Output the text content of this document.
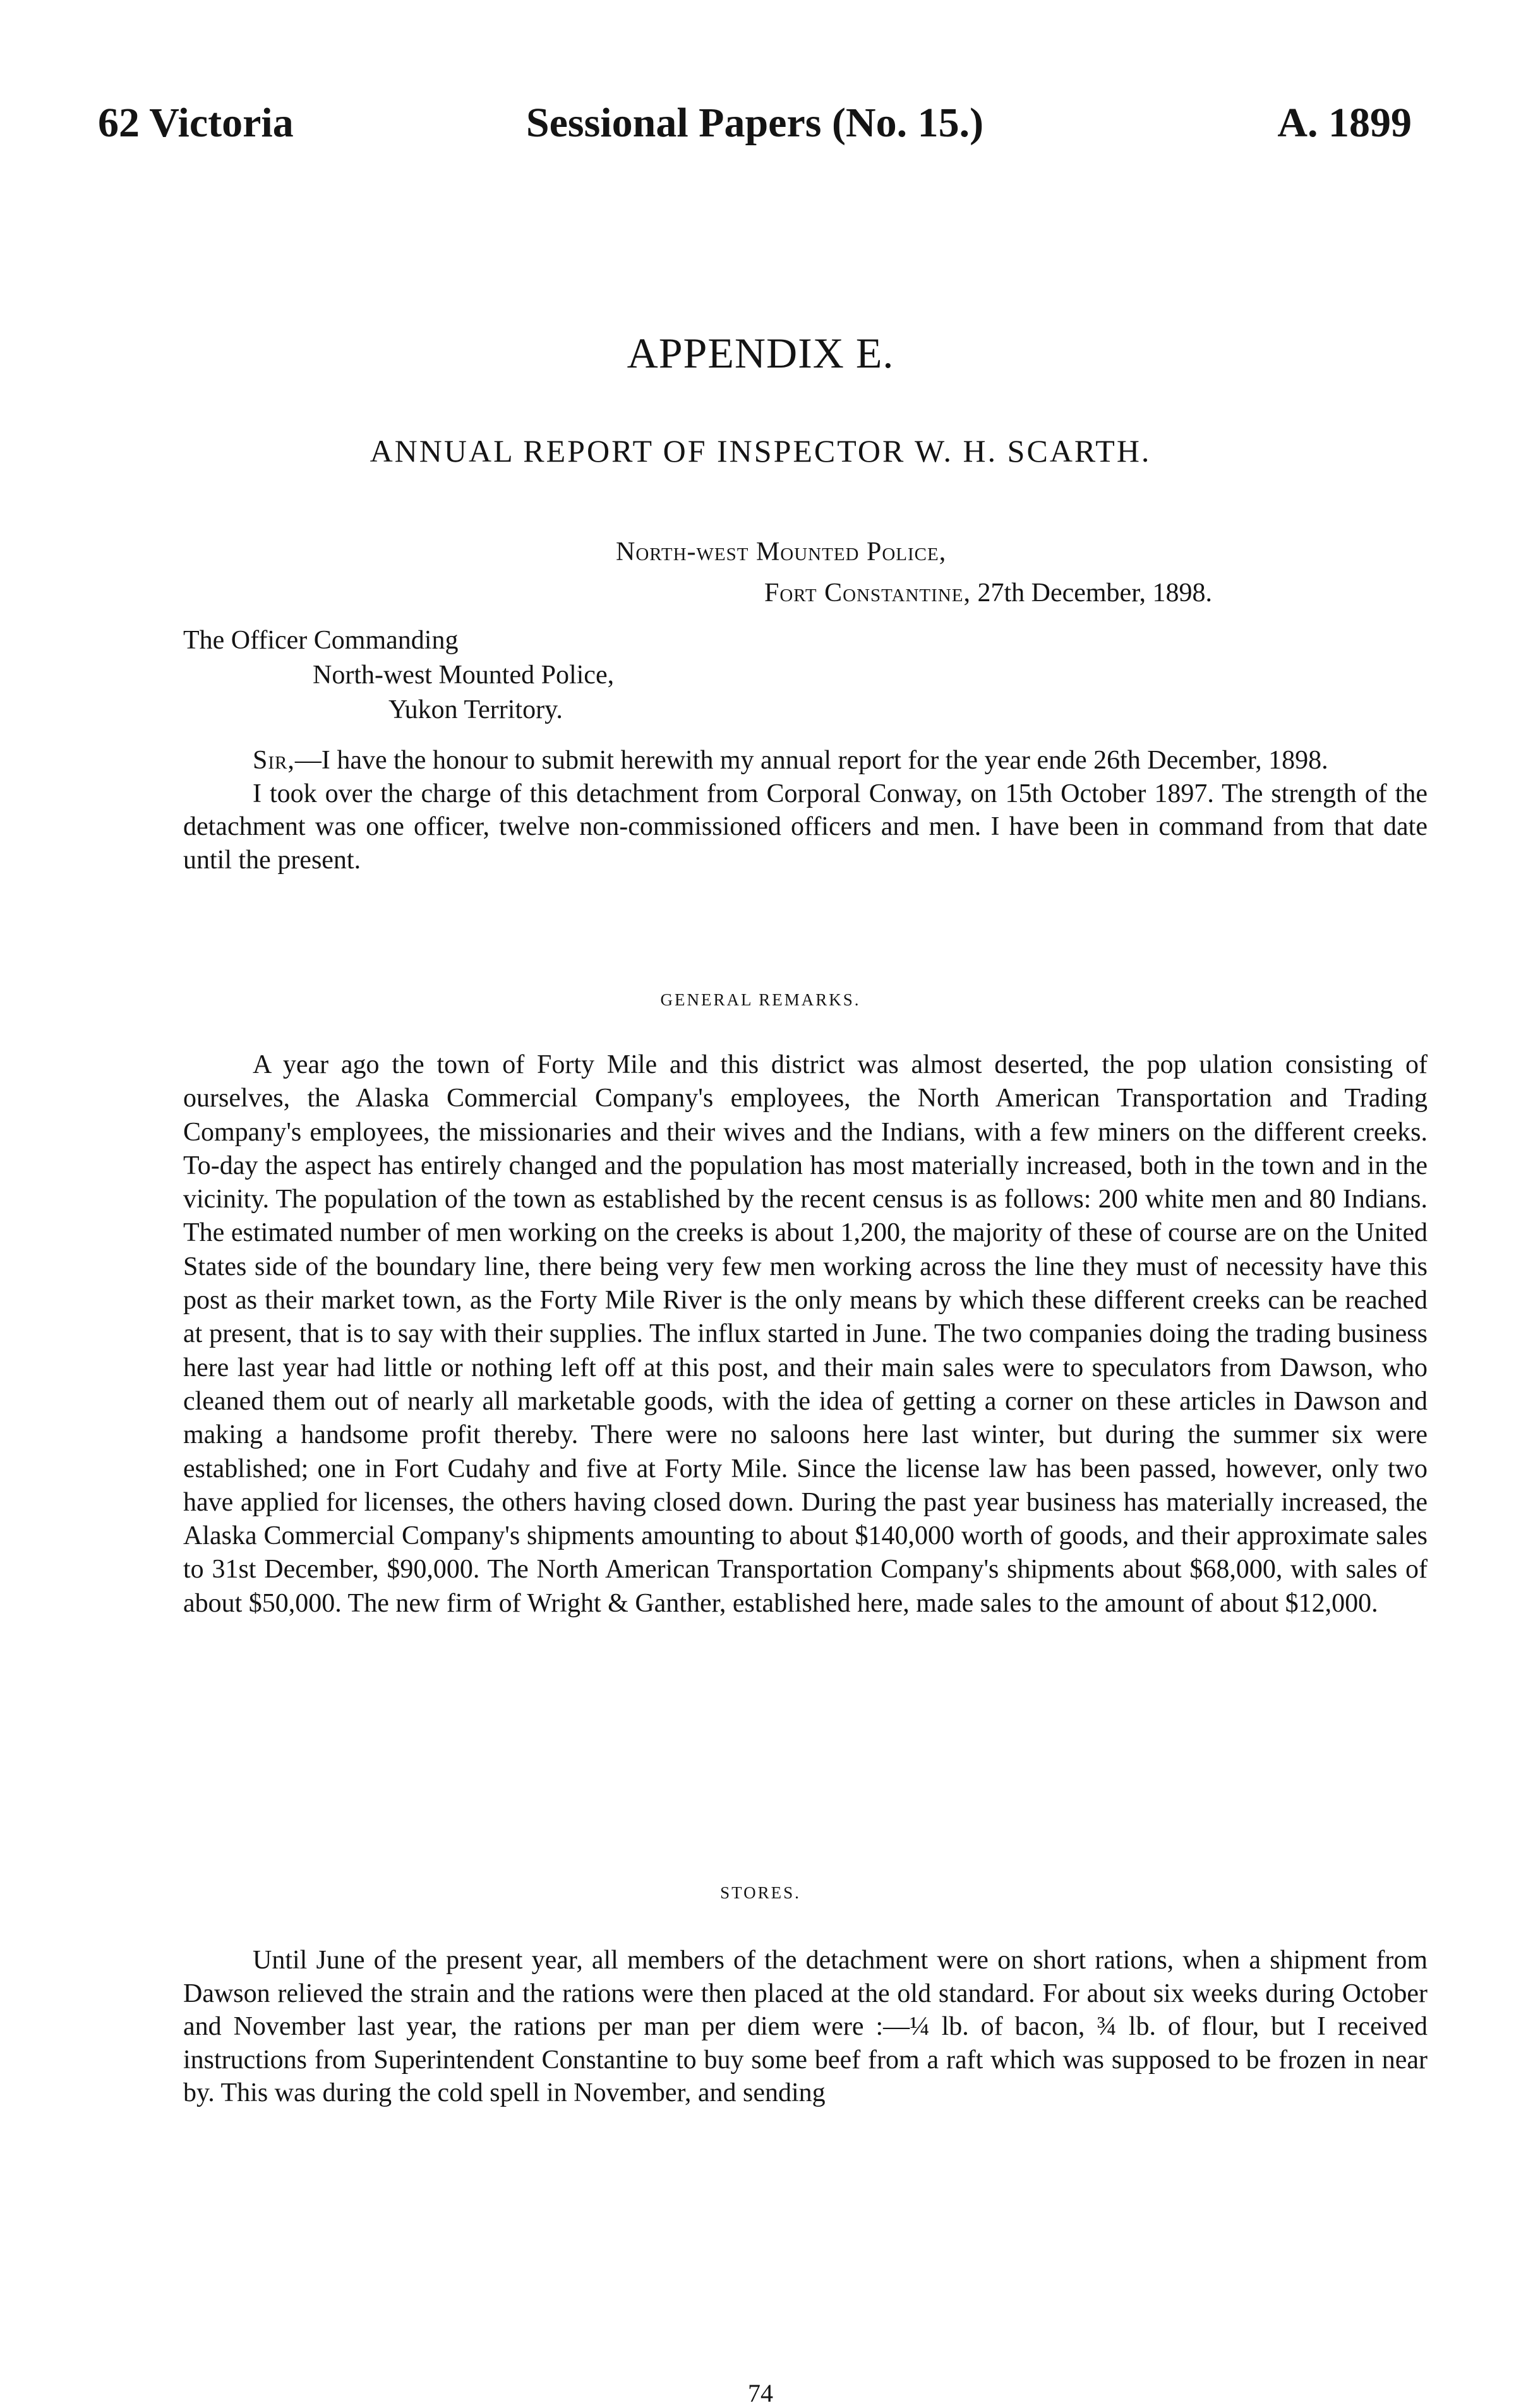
62 Victoria	Sessional Papers (No. 15.)	A. 1899
APPENDIX E.
ANNUAL REPORT OF INSPECTOR W. H. SCARTH.
North-west Mounted Police,
Fort Constantine, 27th December, 1898.
The Officer Commanding
North-west Mounted Police,
Yukon Territory.

Sir,—I have the honour to submit herewith my annual report for the year ende 26th December, 1898.

I took over the charge of this detachment from Corporal Conway, on 15th October 1897. The strength of the detachment was one officer, twelve non-commissioned officers and men. I have been in command from that date until the present.

GENERAL REMARKS.

A year ago the town of Forty Mile and this district was almost deserted, the pop ulation consisting of ourselves, the Alaska Commercial Company's employees, the North American Transportation and Trading Company's employees, the missionaries and their wives and the Indians, with a few miners on the different creeks. To-day the aspect has entirely changed and the population has most materially increased, both in the town and in the vicinity. The population of the town as established by the recent census is as follows: 200 white men and 80 Indians. The estimated number of men working on the creeks is about 1,200, the majority of these of course are on the United States side of the boundary line, there being very few men working across the line they must of necessity have this post as their market town, as the Forty Mile River is the only means by which these different creeks can be reached at present, that is to say with their supplies. The influx started in June. The two companies doing the trading business here last year had little or nothing left off at this post, and their main sales were to speculators from Dawson, who cleaned them out of nearly all marketable goods, with the idea of getting a corner on these articles in Dawson and making a handsome profit thereby. There were no saloons here last winter, but during the summer six were established; one in Fort Cudahy and five at Forty Mile. Since the license law has been passed, however, only two have applied for licenses, the others having closed down. During the past year business has materially increased, the Alaska Commercial Company's shipments amounting to about $140,000 worth of goods, and their approximate sales to 31st December, $90,000. The North American Transportation Company's shipments about $68,000, with sales of about $50,000. The new firm of Wright & Ganther, established here, made sales to the amount of about $12,000.

STORES.

Until June of the present year, all members of the detachment were on short rations, when a shipment from Dawson relieved the strain and the rations were then placed at the old standard. For about six weeks during October and November last year, the rations per man per diem were :—¼ lb. of bacon, ¾ lb. of flour, but I received instructions from Superintendent Constantine to buy some beef from a raft which was supposed to be frozen in near by. This was during the cold spell in November, and sending

74
